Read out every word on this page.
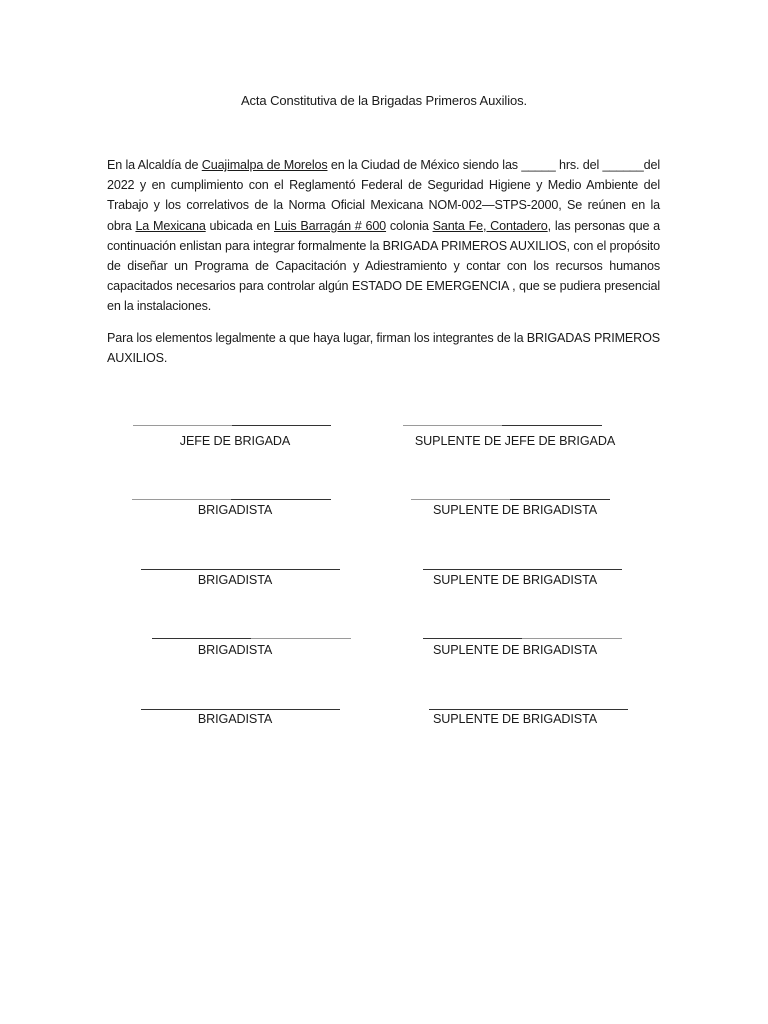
Acta Constitutiva de la Brigadas Primeros Auxilios.

En la Alcaldía de Cuajimalpa de Morelos en la Ciudad de México siendo las _____ hrs. del ______del 2022 y en cumplimiento con el Reglamentó Federal de Seguridad Higiene y Medio Ambiente del Trabajo y los correlativos de la Norma Oficial Mexicana NOM-002—STPS-2000, Se reúnen en la obra La Mexicana ubicada en Luis Barragán # 600 colonia Santa Fe, Contadero, las personas que a continuación enlistan para integrar formalmente la BRIGADA PRIMEROS AUXILIOS, con el propósito de diseñar un Programa de Capacitación y Adiestramiento y contar con los recursos humanos capacitados necesarios para controlar algún ESTADO DE EMERGENCIA , que se pudiera presencial en la instalaciones.

Para los elementos legalmente a que haya lugar, firman los integrantes de la BRIGADAS PRIMEROS AUXILIOS.

JEFE DE BRIGADA	SUPLENTE DE JEFE DE BRIGADA
BRIGADISTA	SUPLENTE DE BRIGADISTA
BRIGADISTA	SUPLENTE DE BRIGADISTA
BRIGADISTA	SUPLENTE DE BRIGADISTA
BRIGADISTA	SUPLENTE DE BRIGADISTA
